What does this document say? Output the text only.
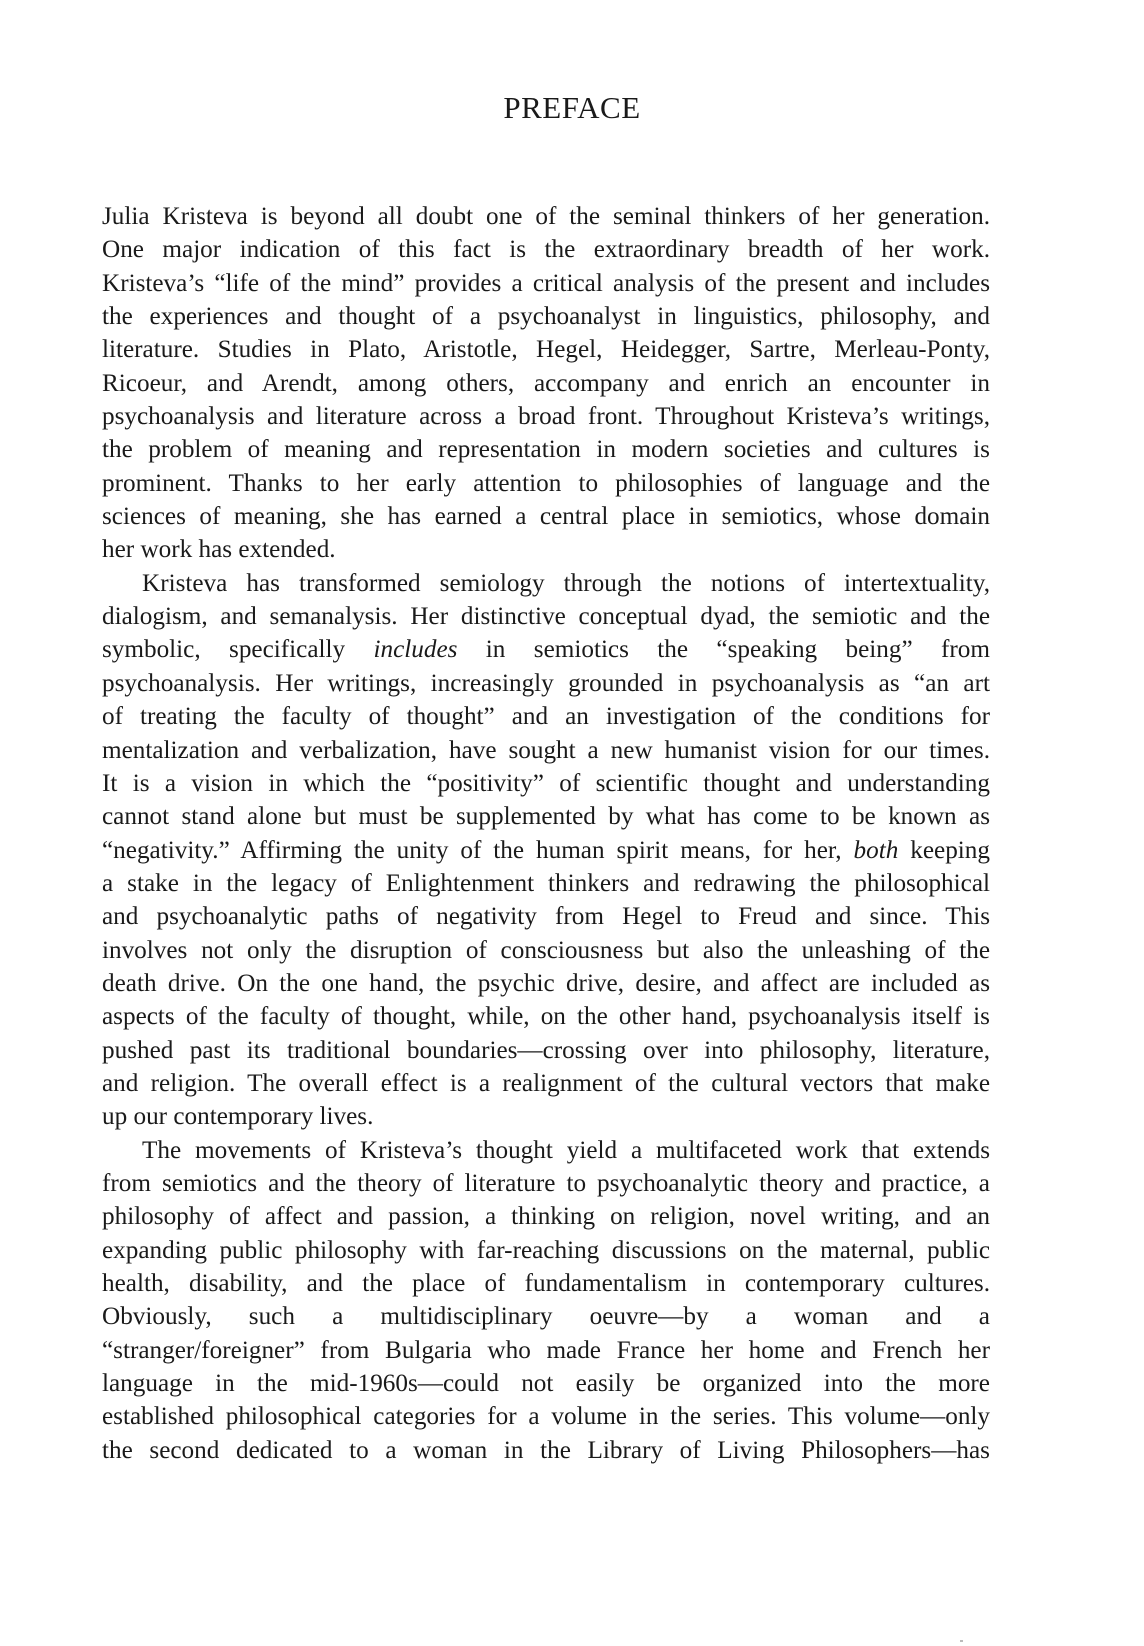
PREFACE
Julia Kristeva is beyond all doubt one of the seminal thinkers of her generation.
One major indication of this fact is the extraordinary breadth of her work.
Kristeva’s “life of the mind” provides a critical analysis of the present and includes
the experiences and thought of a psychoanalyst in linguistics, philosophy, and
literature. Studies in Plato, Aristotle, Hegel, Heidegger, Sartre, Merleau-Ponty,
Ricoeur, and Arendt, among others, accompany and enrich an encounter in
psychoanalysis and literature across a broad front. Throughout Kristeva’s writings,
the problem of meaning and representation in modern societies and cultures is
prominent. Thanks to her early attention to philosophies of language and the
sciences of meaning, she has earned a central place in semiotics, whose domain
her work has extended.
Kristeva has transformed semiology through the notions of intertextuality,
dialogism, and semanalysis. Her distinctive conceptual dyad, the semiotic and the
symbolic, specifically includes in semiotics the “speaking being” from
psychoanalysis. Her writings, increasingly grounded in psychoanalysis as “an art
of treating the faculty of thought” and an investigation of the conditions for
mentalization and verbalization, have sought a new humanist vision for our times.
It is a vision in which the “positivity” of scientific thought and understanding
cannot stand alone but must be supplemented by what has come to be known as
“negativity.” Affirming the unity of the human spirit means, for her, both keeping
a stake in the legacy of Enlightenment thinkers and redrawing the philosophical
and psychoanalytic paths of negativity from Hegel to Freud and since. This
involves not only the disruption of consciousness but also the unleashing of the
death drive. On the one hand, the psychic drive, desire, and affect are included as
aspects of the faculty of thought, while, on the other hand, psychoanalysis itself is
pushed past its traditional boundaries—crossing over into philosophy, literature,
and religion. The overall effect is a realignment of the cultural vectors that make
up our contemporary lives.
The movements of Kristeva’s thought yield a multifaceted work that extends
from semiotics and the theory of literature to psychoanalytic theory and practice, a
philosophy of affect and passion, a thinking on religion, novel writing, and an
expanding public philosophy with far-reaching discussions on the maternal, public
health, disability, and the place of fundamentalism in contemporary cultures.
Obviously, such a multidisciplinary oeuvre—by a woman and a
“stranger/foreigner” from Bulgaria who made France her home and French her
language in the mid-1960s—could not easily be organized into the more
established philosophical categories for a volume in the series. This volume—only
the second dedicated to a woman in the Library of Living Philosophers—has
